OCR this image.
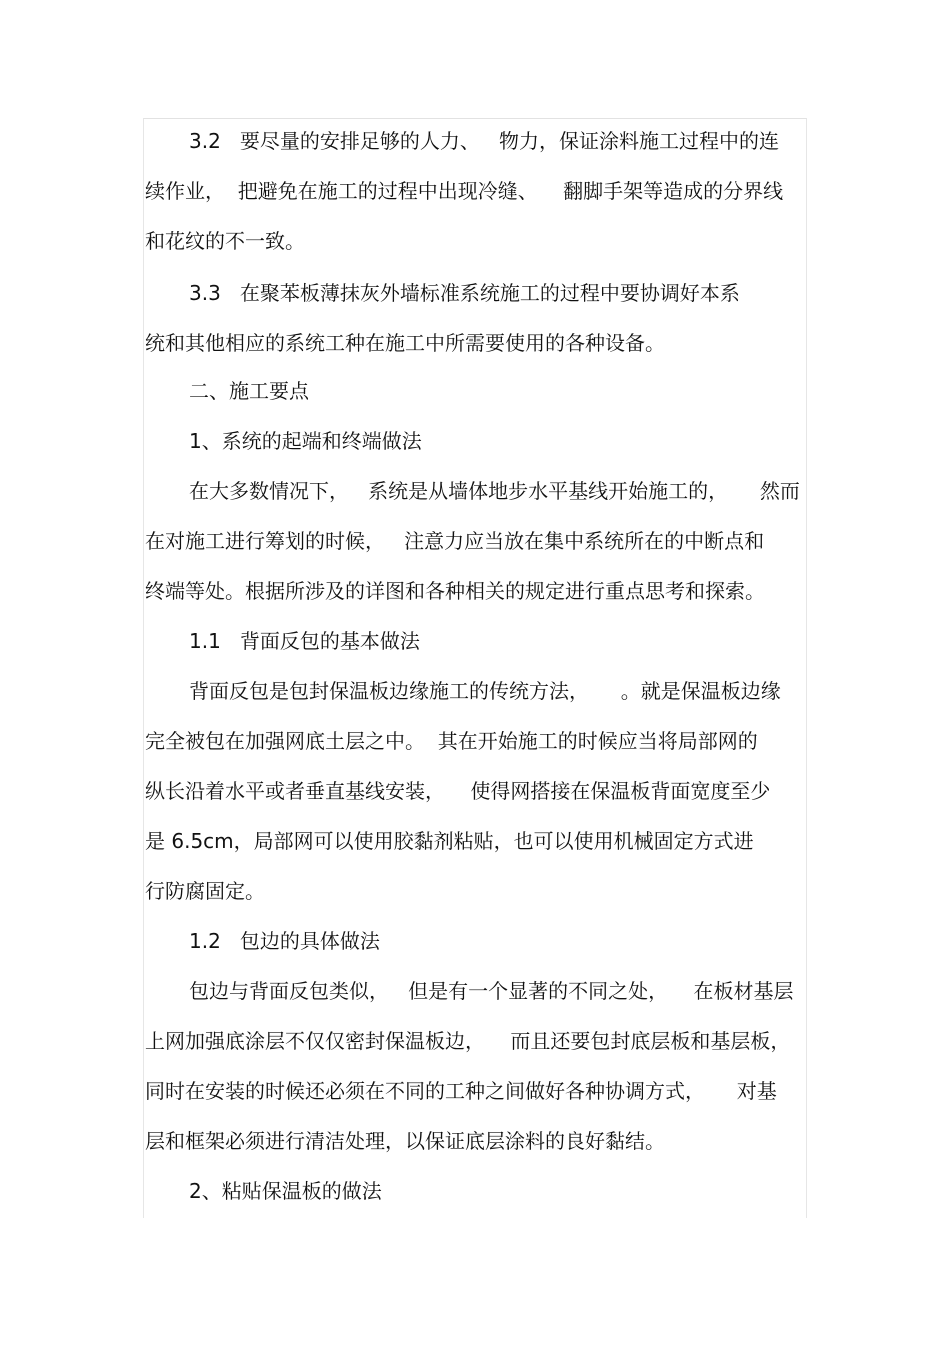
3.2   要尽量的安排足够的人力、   物力，保证涂料施工过程中的连
续作业，  把避免在施工的过程中出现冷缝、    翻脚手架等造成的分界线
和花纹的不一致。
3.3   在聚苯板薄抹灰外墙标准系统施工的过程中要协调好本系
统和其他相应的系统工种在施工中所需要使用的各种设备。
二、施工要点
1、系统的起端和终端做法
在大多数情况下，   系统是从墙体地步水平基线开始施工的，     然而
在对施工进行筹划的时候，   注意力应当放在集中系统所在的中断点和
终端等处。根据所涉及的详图和各种相关的规定进行重点思考和探索。
1.1   背面反包的基本做法
背面反包是包封保温板边缘施工的传统方法，     。就是保温板边缘
完全被包在加强网底土层之中。  其在开始施工的时候应当将局部网的
纵长沿着水平或者垂直基线安装，    使得网搭接在保温板背面宽度至少
是 6.5cm，局部网可以使用胶黏剂粘贴，也可以使用机械固定方式进
行防腐固定。
1.2   包边的具体做法
包边与背面反包类似，   但是有一个显著的不同之处，    在板材基层
上网加强底涂层不仅仅密封保温板边，    而且还要包封底层板和基层板，
同时在安装的时候还必须在不同的工种之间做好各种协调方式，     对基
层和框架必须进行清洁处理，以保证底层涂料的良好黏结。
2、粘贴保温板的做法
